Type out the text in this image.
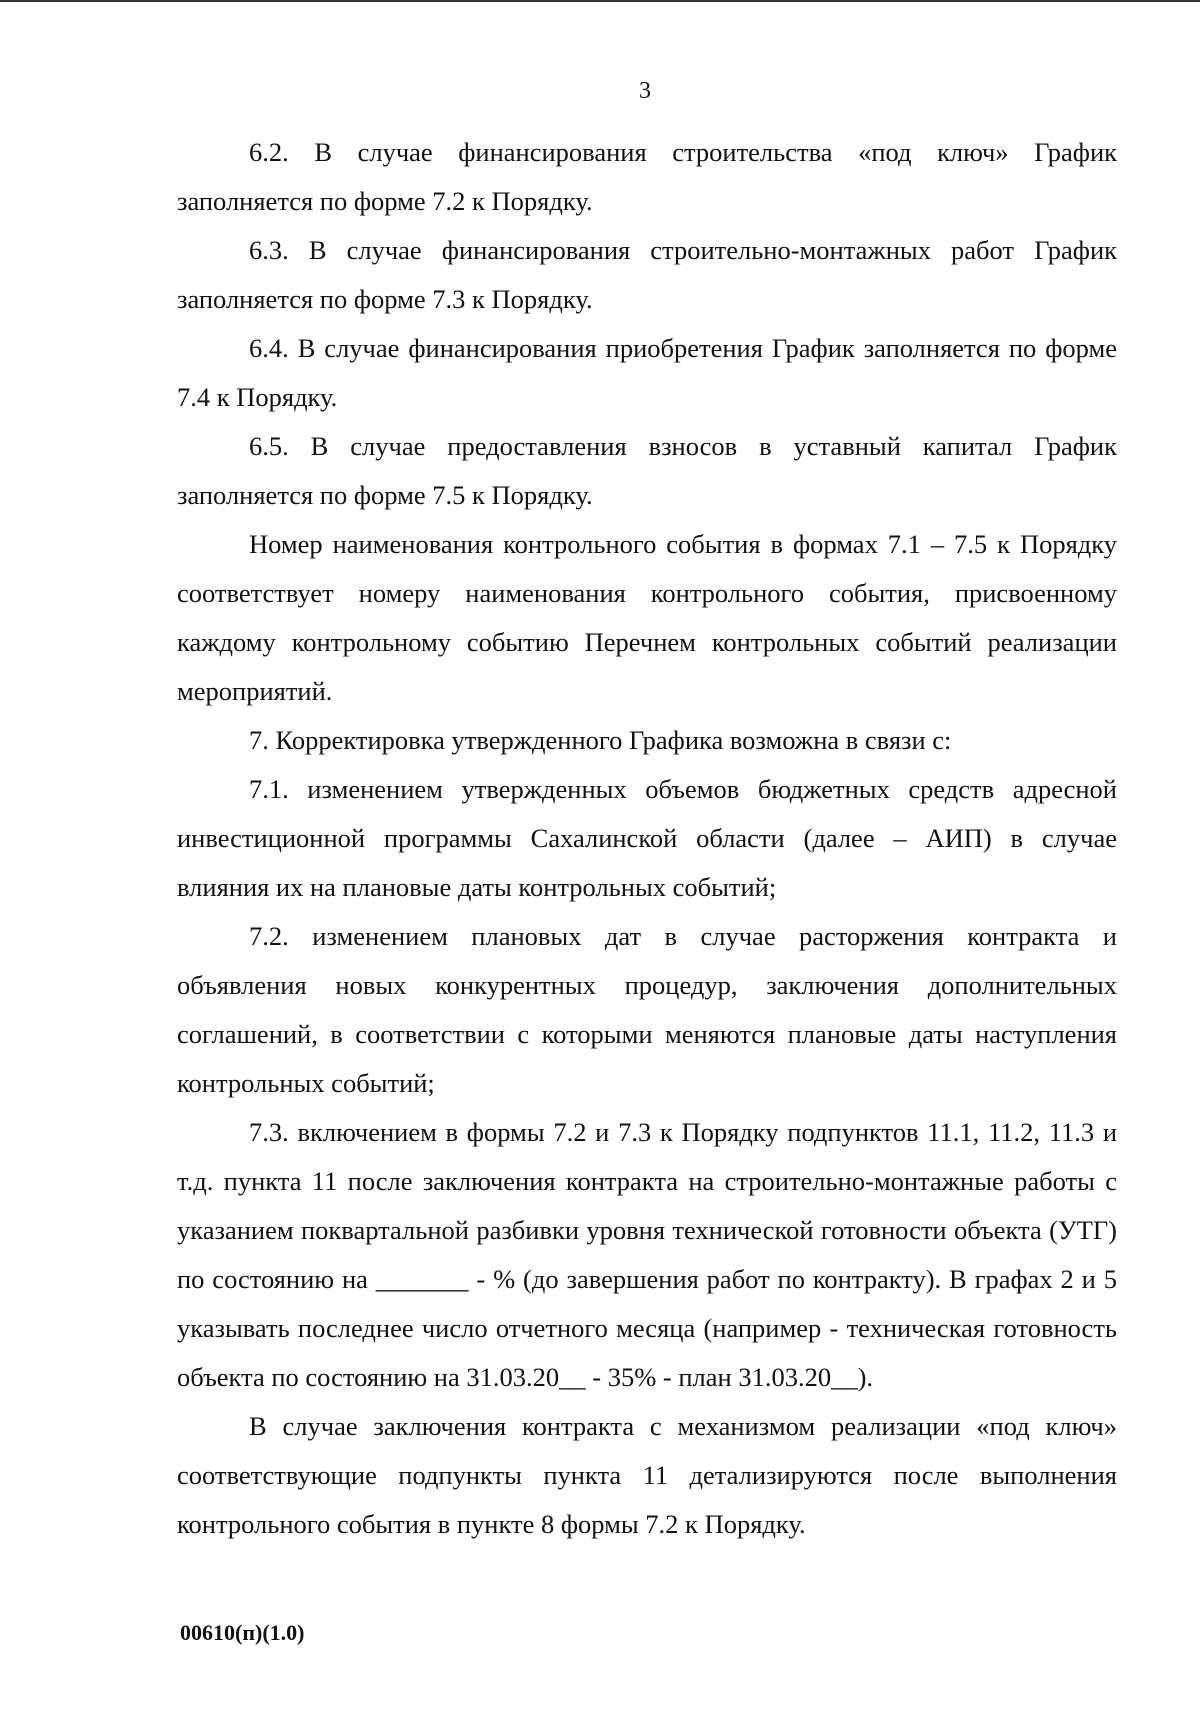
3

6.2. В случае финансирования строительства «под ключ» График заполняется по форме 7.2 к Порядку.

6.3. В случае финансирования строительно-монтажных работ График заполняется по форме 7.3 к Порядку.

6.4. В случае финансирования приобретения График заполняется по форме 7.4 к Порядку.

6.5. В случае предоставления взносов в уставный капитал График заполняется по форме 7.5 к Порядку.

Номер наименования контрольного события в формах 7.1 – 7.5 к Порядку соответствует номеру наименования контрольного события, присвоенному каждому контрольному событию Перечнем контрольных событий реализации мероприятий.

7. Корректировка утвержденного Графика возможна в связи с:

7.1. изменением утвержденных объемов бюджетных средств адресной инвестиционной программы Сахалинской области (далее – АИП) в случае влияния их на плановые даты контрольных событий;

7.2. изменением плановых дат в случае расторжения контракта и объявления новых конкурентных процедур, заключения дополнительных соглашений, в соответствии с которыми меняются плановые даты наступления контрольных событий;

7.3. включением в формы 7.2 и 7.3 к Порядку подпунктов 11.1, 11.2, 11.3 и т.д. пункта 11 после заключения контракта на строительно-монтажные работы с указанием поквартальной разбивки уровня технической готовности объекта (УТГ) по состоянию на _______ - % (до завершения работ по контракту). В графах 2 и 5 указывать последнее число отчетного месяца (например - техническая готовность объекта по состоянию на 31.03.20__ - 35% - план 31.03.20__).

В случае заключения контракта с механизмом реализации «под ключ» соответствующие подпункты пункта 11 детализируются после выполнения контрольного события в пункте 8 формы 7.2 к Порядку.

00610(п)(1.0)
